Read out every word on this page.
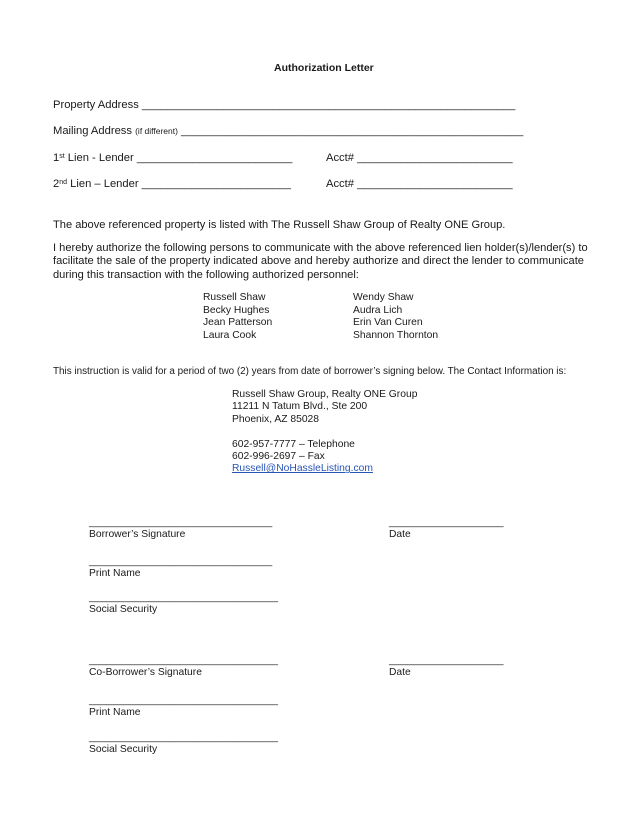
Authorization Letter
Property Address ____________________________________________________________
Mailing Address (if different) _______________________________________________________
1st Lien - Lender _________________________	Acct# _________________________
2nd Lien – Lender ________________________	Acct# _________________________
The above referenced property is listed with The Russell Shaw Group of Realty ONE Group.
I hereby authorize the following persons to communicate with the above referenced lien holder(s)/lender(s) to facilitate the sale of the property indicated above and hereby authorize and direct the lender to communicate during this transaction with the following authorized personnel:
Russell Shaw
Becky Hughes
Jean Patterson
Laura Cook
Wendy Shaw
Audra Lich
Erin Van Curen
Shannon Thornton
This instruction is valid for a period of two (2) years from date of borrower’s signing below. The Contact Information is:
Russell Shaw Group, Realty ONE Group
11211 N Tatum Blvd., Ste 200
Phoenix, AZ 85028
602-957-7777 – Telephone
602-996-2697 – Fax
Russell@NoHassleListing.com
________________________________
Borrower’s Signature
____________________
Date
________________________________
Print Name
_________________________________
Social Security
_________________________________
Co-Borrower’s Signature
____________________
Date
_________________________________
Print Name
_________________________________
Social Security
